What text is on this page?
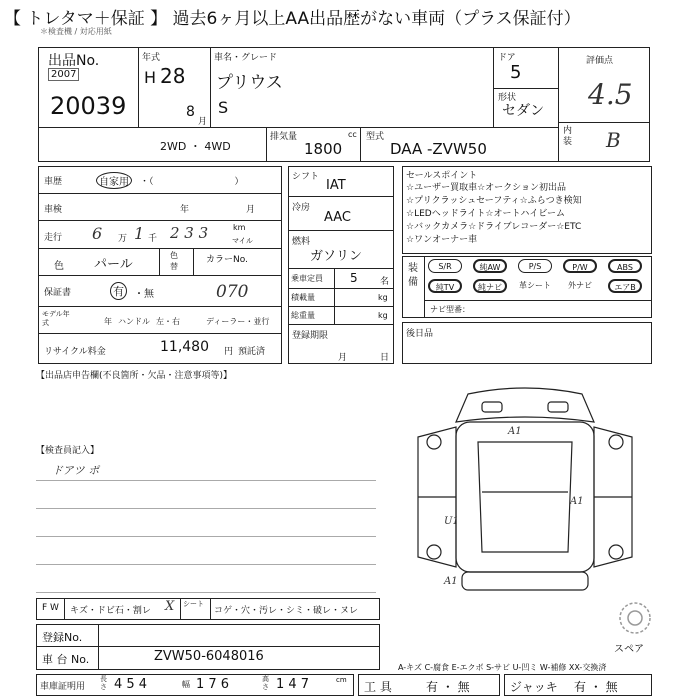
【 トレタマ＋保証 】 過去6ヶ月以上AA出品歴がない車両（プラス保証付）
＊検査機 / 対応用紙
出品No.
2007
20039
年式
H 28
8
月
車名・グレード
プリウス
S
ドア
5
形状
セダン
評価点
4.5
内装 B
2WD ・ 4WD
排気量
1800
cc 型式
DAA -ZVW50
車歴	自家用	・（　　　　　　　　　）
車検	年	月
走行 6 万 1 千 2 3 3	km
マイル
色 パール
色替
カラーNo.
保証書	有	・無	070
モデル年式	年 ハンドル 左・右	ディーラー・並行
リサイクル料金	11,480 円 預託済
シフト
IAT
冷房
AAC
燃料
ガソリン
乗車定員 5 名
積載量	kg
総重量	kg
登録期限
月	日
セールスポイント
☆ユーザー買取車☆オークション初出品
☆プリクラッシュセーフティ☆ふらつき検知
☆LEDヘッドライト☆オートハイビーム
☆バックカメラ☆ドライブレコーダー☆ETC
☆ワンオーナー車
装備
S/R	純AW	P/S	P/W	ABS
純TV	純ナビ	革シート	外ナビ	エアB
ナビ型番：
後日品
【出品店申告欄(不良箇所・欠品・注意事項等)】
【検査員記入】
ドアツ ポ
A1
A1
U1
A1
スペア
F W キズ・ドビ石・割レ X シート
コゲ・穴・汚レ・シミ・破レ・ヌレ
登録No.
車 台 No.	ZVW50-6048016
A-キズ C-腐食 E-エクボ S-サビ U-凹ミ W-補修 XX-交換済
車庫証明用
長さ 4 5 4	幅 1 7 6	高さ 1 4 7	cm 工 具	有 ・ 無	ジャッキ 有 ・ 無
